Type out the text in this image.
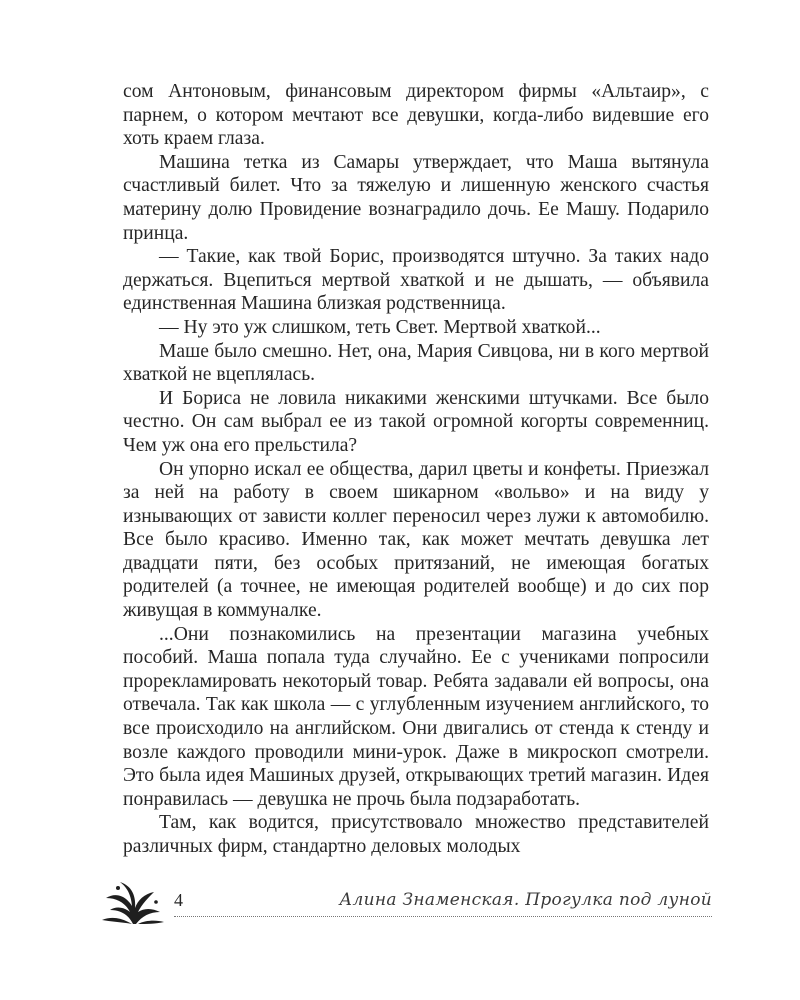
сом Антоновым, финансовым директором фирмы «Альтаир», с парнем, о котором мечтают все девушки, когда-либо видевшие его хоть краем глаза.

Машина тетка из Самары утверждает, что Маша вытянула счастливый билет. Что за тяжелую и лишенную женского счастья материну долю Провидение вознаградило дочь. Ее Машу. Подарило принца.

— Такие, как твой Борис, производятся штучно. За таких надо держаться. Вцепиться мертвой хваткой и не дышать, — объявила единственная Машина близкая родственница.

— Ну это уж слишком, теть Свет. Мертвой хваткой...

Маше было смешно. Нет, она, Мария Сивцова, ни в кого мертвой хваткой не вцеплялась.

И Бориса не ловила никакими женскими штучками. Все было честно. Он сам выбрал ее из такой огромной когорты современниц. Чем уж она его прельстила?

Он упорно искал ее общества, дарил цветы и конфеты. Приезжал за ней на работу в своем шикарном «вольво» и на виду у изнывающих от зависти коллег переносил через лужи к автомобилю. Все было красиво. Именно так, как может мечтать девушка лет двадцати пяти, без особых притязаний, не имеющая богатых родителей (а точнее, не имеющая родителей вообще) и до сих пор живущая в коммуналке.

...Они познакомились на презентации магазина учебных пособий. Маша попала туда случайно. Ее с учениками попросили прорекламировать некоторый товар. Ребята задавали ей вопросы, она отвечала. Так как школа — с углубленным изучением английского, то все происходило на английском. Они двигались от стенда к стенду и возле каждого проводили мини-урок. Даже в микроскоп смотрели. Это была идея Машиных друзей, открывающих третий магазин. Идея понравилась — девушка не прочь была подзаработать.

Там, как водится, присутствовало множество представителей различных фирм, стандартно деловых молодых

4	Алина Знаменская. Прогулка под луной
